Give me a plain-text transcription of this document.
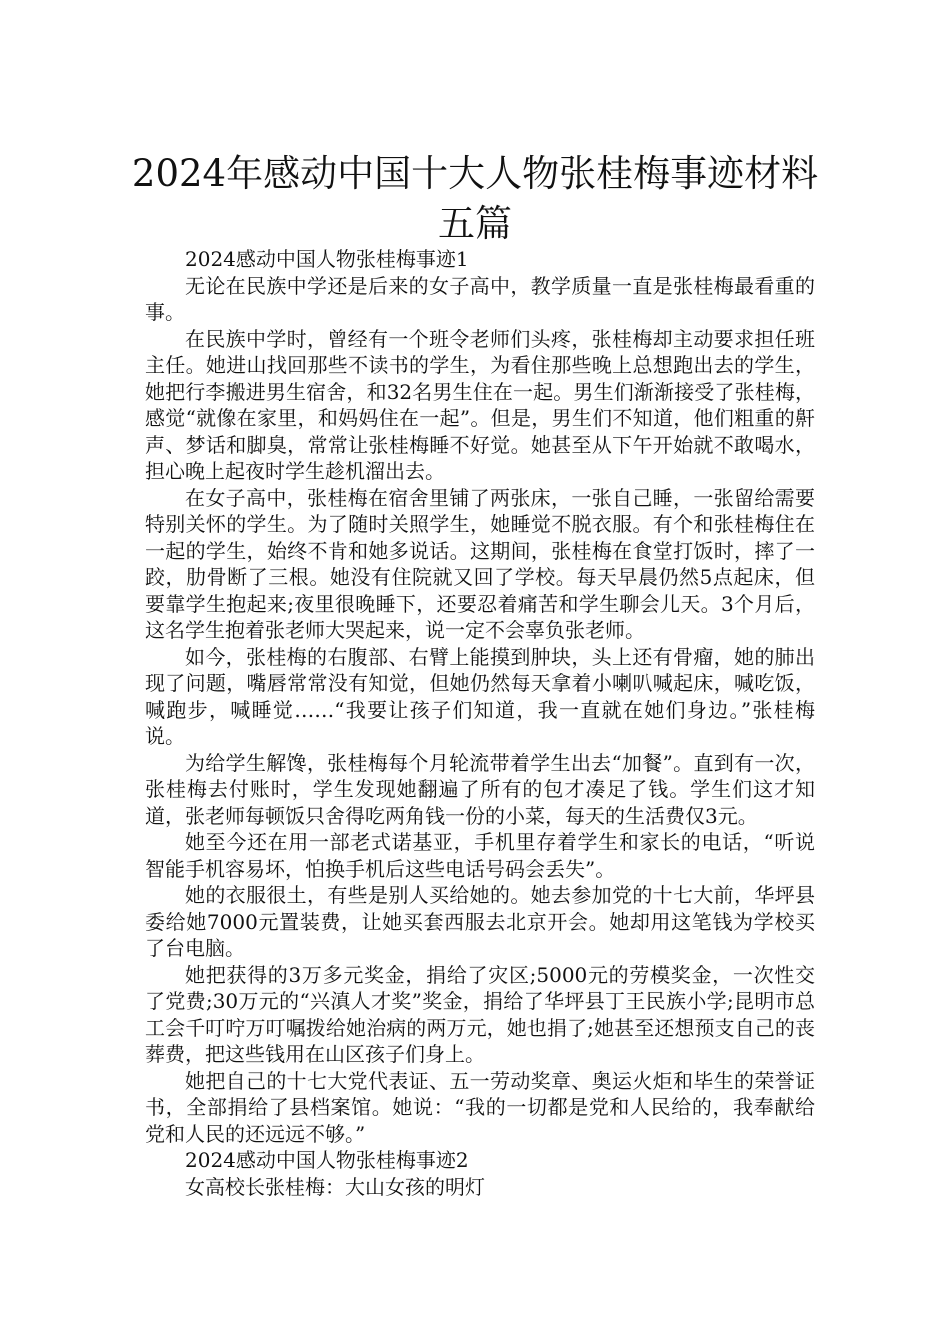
2024年感动中国十大人物张桂梅事迹材料五篇

2024感动中国人物张桂梅事迹1

无论在民族中学还是后来的女子高中，教学质量一直是张桂梅最看重的事。

在民族中学时，曾经有一个班令老师们头疼，张桂梅却主动要求担任班主任。她进山找回那些不读书的学生，为看住那些晚上总想跑出去的学生，她把行李搬进男生宿舍，和32名男生住在一起。男生们渐渐接受了张桂梅，感觉“就像在家里，和妈妈住在一起”。但是，男生们不知道，他们粗重的鼾声、梦话和脚臭，常常让张桂梅睡不好觉。她甚至从下午开始就不敢喝水，担心晚上起夜时学生趁机溜出去。

在女子高中，张桂梅在宿舍里铺了两张床，一张自己睡，一张留给需要特别关怀的学生。为了随时关照学生，她睡觉不脱衣服。有个和张桂梅住在一起的学生，始终不肯和她多说话。这期间，张桂梅在食堂打饭时，摔了一跤，肋骨断了三根。她没有住院就又回了学校。每天早晨仍然5点起床，但要靠学生抱起来;夜里很晚睡下，还要忍着痛苦和学生聊会儿天。3个月后，这名学生抱着张老师大哭起来，说一定不会辜负张老师。

如今，张桂梅的右腹部、右臂上能摸到肿块，头上还有骨瘤，她的肺出现了问题，嘴唇常常没有知觉，但她仍然每天拿着小喇叭喊起床，喊吃饭，喊跑步，喊睡觉……“我要让孩子们知道，我一直就在她们身边。”张桂梅说。

为给学生解馋，张桂梅每个月轮流带着学生出去“加餐”。直到有一次，张桂梅去付账时，学生发现她翻遍了所有的包才凑足了钱。学生们这才知道，张老师每顿饭只舍得吃两角钱一份的小菜，每天的生活费仅3元。

她至今还在用一部老式诺基亚，手机里存着学生和家长的电话，“听说智能手机容易坏，怕换手机后这些电话号码会丢失”。

她的衣服很土，有些是别人买给她的。她去参加党的十七大前，华坪县委给她7000元置装费，让她买套西服去北京开会。她却用这笔钱为学校买了台电脑。

她把获得的3万多元奖金，捐给了灾区;5000元的劳模奖金，一次性交了党费;30万元的“兴滇人才奖”奖金，捐给了华坪县丁王民族小学;昆明市总工会千叮咛万叮嘱拨给她治病的两万元，她也捐了;她甚至还想预支自己的丧葬费，把这些钱用在山区孩子们身上。

她把自己的十七大党代表证、五一劳动奖章、奥运火炬和毕生的荣誉证书，全部捐给了县档案馆。她说：“我的一切都是党和人民给的，我奉献给党和人民的还远远不够。”

2024感动中国人物张桂梅事迹2

女高校长张桂梅：大山女孩的明灯
